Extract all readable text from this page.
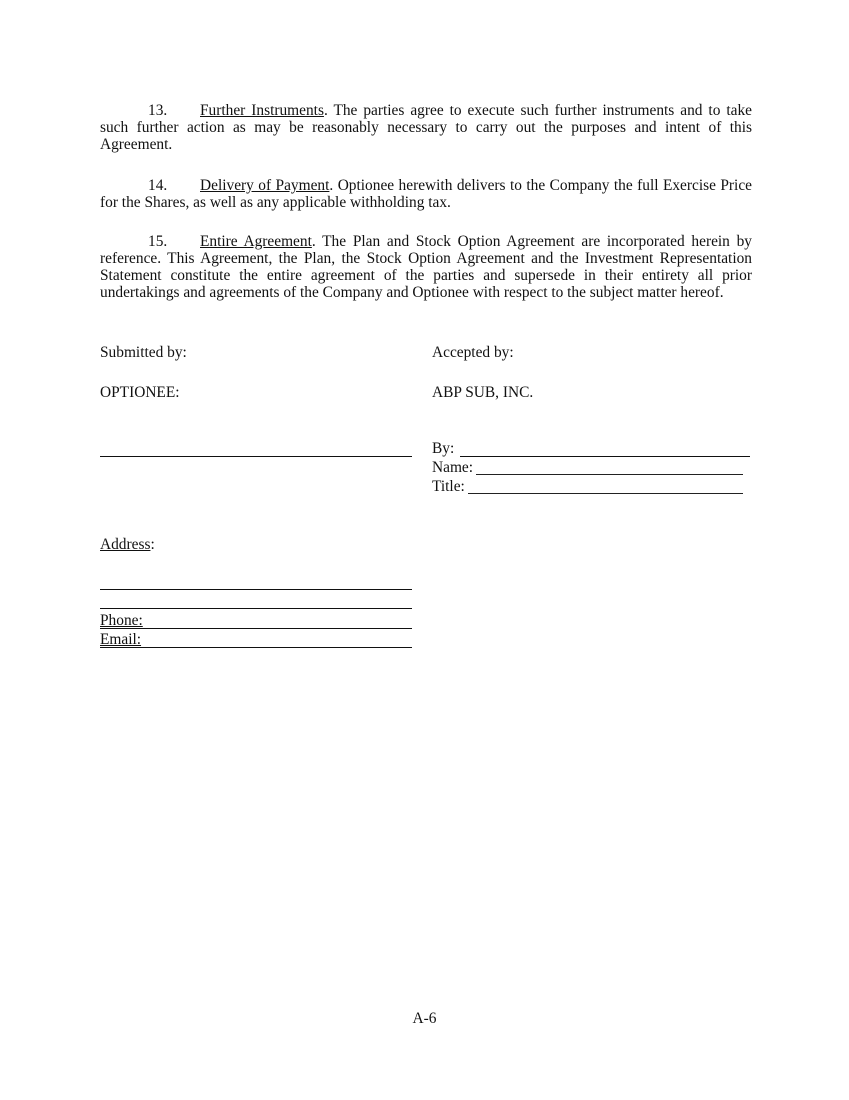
13. Further Instruments. The parties agree to execute such further instruments and to take such further action as may be reasonably necessary to carry out the purposes and intent of this Agreement.

14. Delivery of Payment. Optionee herewith delivers to the Company the full Exercise Price for the Shares, as well as any applicable withholding tax.

15. Entire Agreement. The Plan and Stock Option Agreement are incorporated herein by reference. This Agreement, the Plan, the Stock Option Agreement and the Investment Representation Statement constitute the entire agreement of the parties and supersede in their entirety all prior undertakings and agreements of the Company and Optionee with respect to the subject matter hereof.

Submitted by:	Accepted by:
OPTIONEE:	ABP SUB, INC.
By:
Name:
Title:
Address:
Phone:
Email:
A-6
